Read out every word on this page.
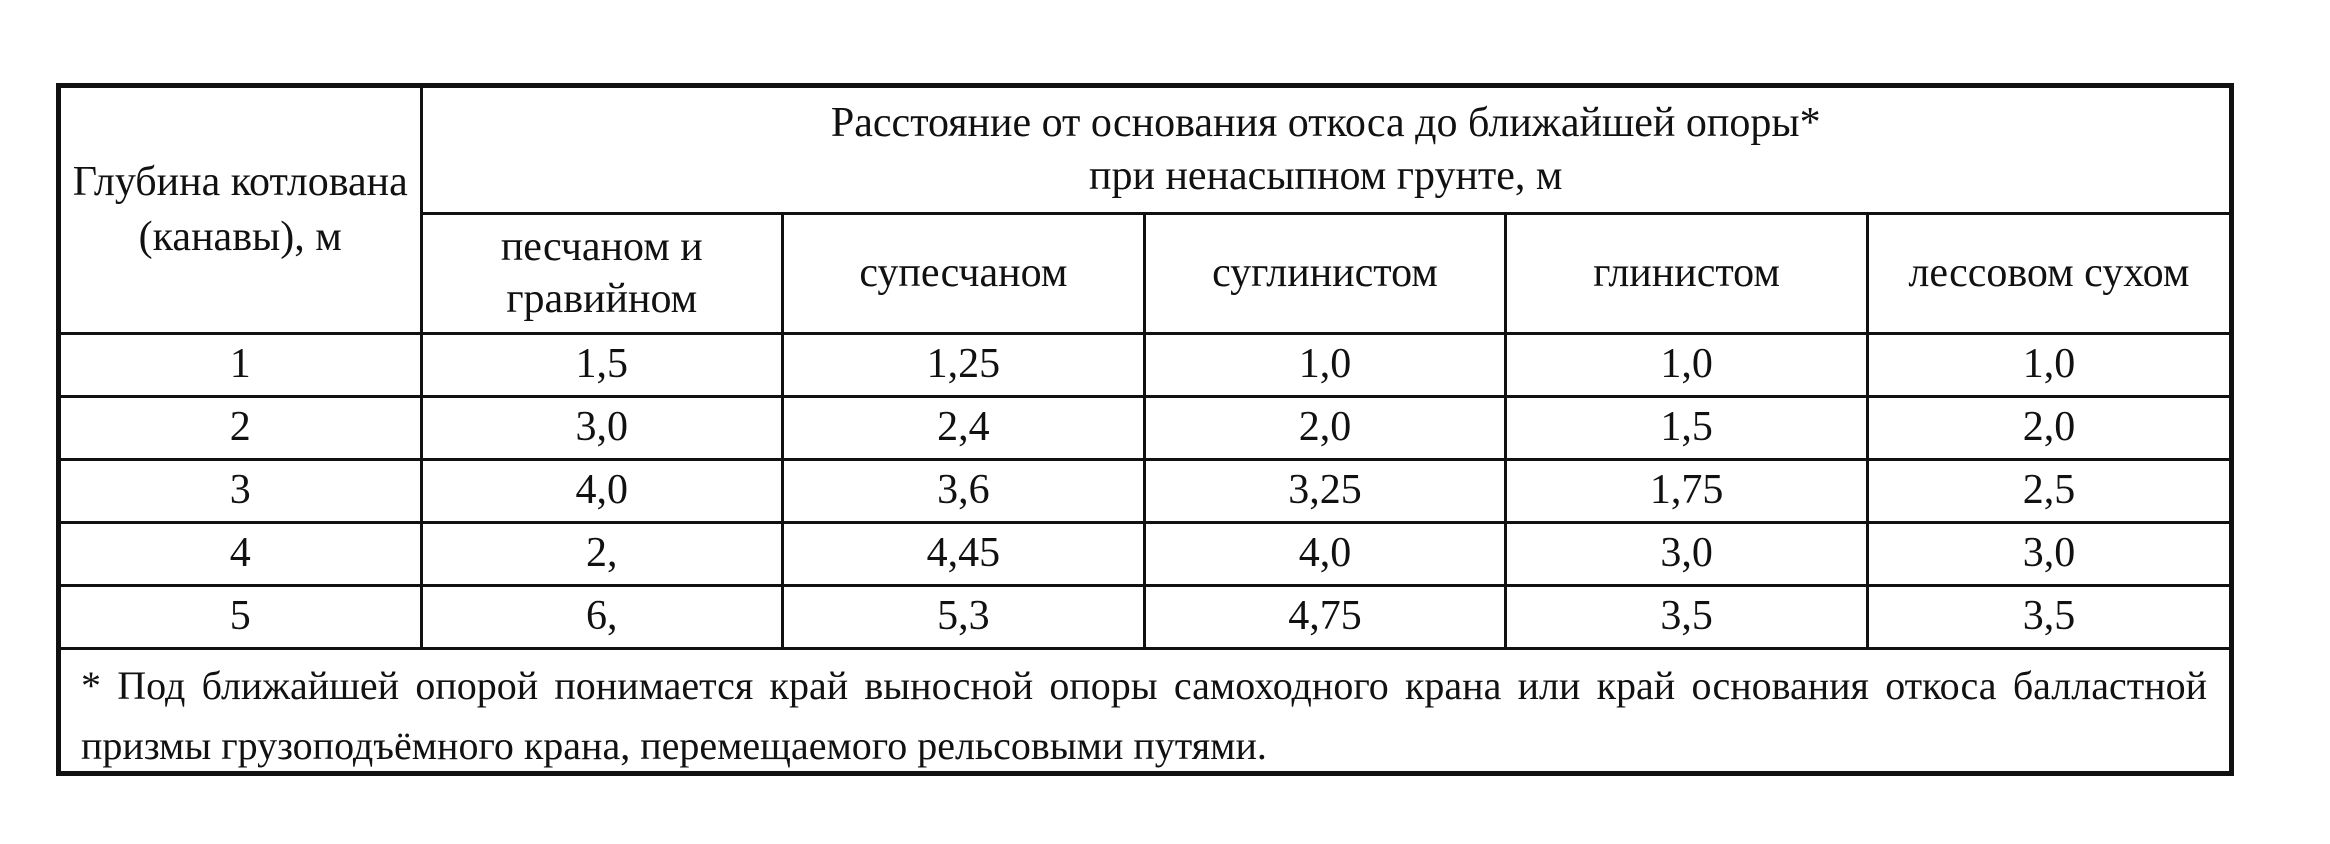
Глубина котлована (канавы), м	Расстояние от основания откоса до ближайшей опоры*
при ненасыпном грунте, м				
	песчаном и гравийном	супесчаном	суглинистом	глинистом	лессовом сухом
1	1,5	1,25	1,0	1,0	1,0
2	3,0	2,4	2,0	1,5	2,0
3	4,0	3,6	3,25	1,75	2,5
4	2,	4,45	4,0	3,0	3,0
5	6,	5,3	4,75	3,5	3,5
* Под ближайшей опорой понимается край выносной опоры самоходного крана или край основания откоса балластной призмы грузоподъёмного крана, перемещаемого рельсовыми путями.					
